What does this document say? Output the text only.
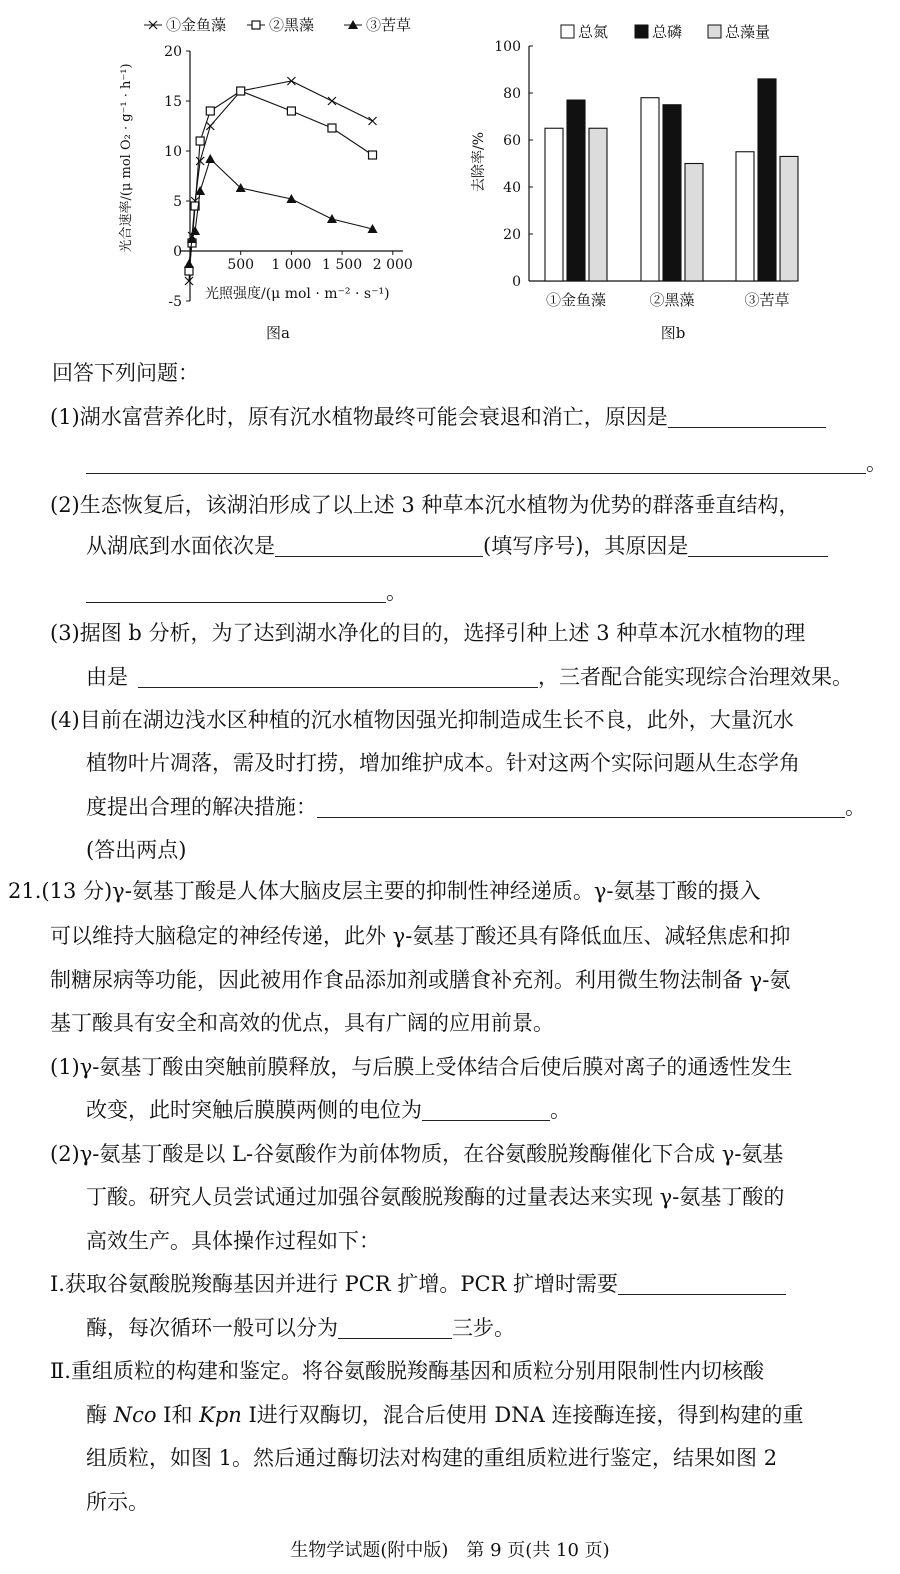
-5
0
5
10
15
20
500 1 000 1 500 2 000
①金鱼藻	②黑藻	③苦草
光照强度/(μ mol · m⁻² · s⁻¹)
光合速率/(μ mol O₂ · g⁻¹ · h⁻¹)
图a
0
20
40
60
80
100
①金鱼藻	②黑藻	③苦草
总氮	总磷	总藻量
去除率/%
图b
回答下列问题：
(1)湖水富营养化时，原有沉水植物最终可能会衰退和消亡，原因是
。
(2)生态恢复后，该湖泊形成了以上述 3 种草本沉水植物为优势的群落垂直结构，
从湖底到水面依次是	(填写序号)，其原因是
。
(3)据图 b 分析，为了达到湖水净化的目的，选择引种上述 3 种草本沉水植物的理
由是	，三者配合能实现综合治理效果。
(4)目前在湖边浅水区种植的沉水植物因强光抑制造成生长不良，此外，大量沉水
植物叶片凋落，需及时打捞，增加维护成本。针对这两个实际问题从生态学角
度提出合理的解决措施：	。
(答出两点)
21.(13 分)γ-氨基丁酸是人体大脑皮层主要的抑制性神经递质。γ-氨基丁酸的摄入
可以维持大脑稳定的神经传递，此外 γ-氨基丁酸还具有降低血压、减轻焦虑和抑
制糖尿病等功能，因此被用作食品添加剂或膳食补充剂。利用微生物法制备 γ-氨
基丁酸具有安全和高效的优点，具有广阔的应用前景。
(1)γ-氨基丁酸由突触前膜释放，与后膜上受体结合后使后膜对离子的通透性发生
改变，此时突触后膜膜两侧的电位为	。
(2)γ-氨基丁酸是以 L-谷氨酸作为前体物质，在谷氨酸脱羧酶催化下合成 γ-氨基
丁酸。研究人员尝试通过加强谷氨酸脱羧酶的过量表达来实现 γ-氨基丁酸的
高效生产。具体操作过程如下：
Ⅰ.获取谷氨酸脱羧酶基因并进行 PCR 扩增。PCR 扩增时需要
酶，每次循环一般可以分为	三步。
Ⅱ.重组质粒的构建和鉴定。将谷氨酸脱羧酶基因和质粒分别用限制性内切核酸
酶 Nco Ⅰ和 Kpn Ⅰ进行双酶切，混合后使用 DNA 连接酶连接，得到构建的重
组质粒，如图 1。然后通过酶切法对构建的重组质粒进行鉴定，结果如图 2
所示。
生物学试题(附中版)　第 9 页(共 10 页)
